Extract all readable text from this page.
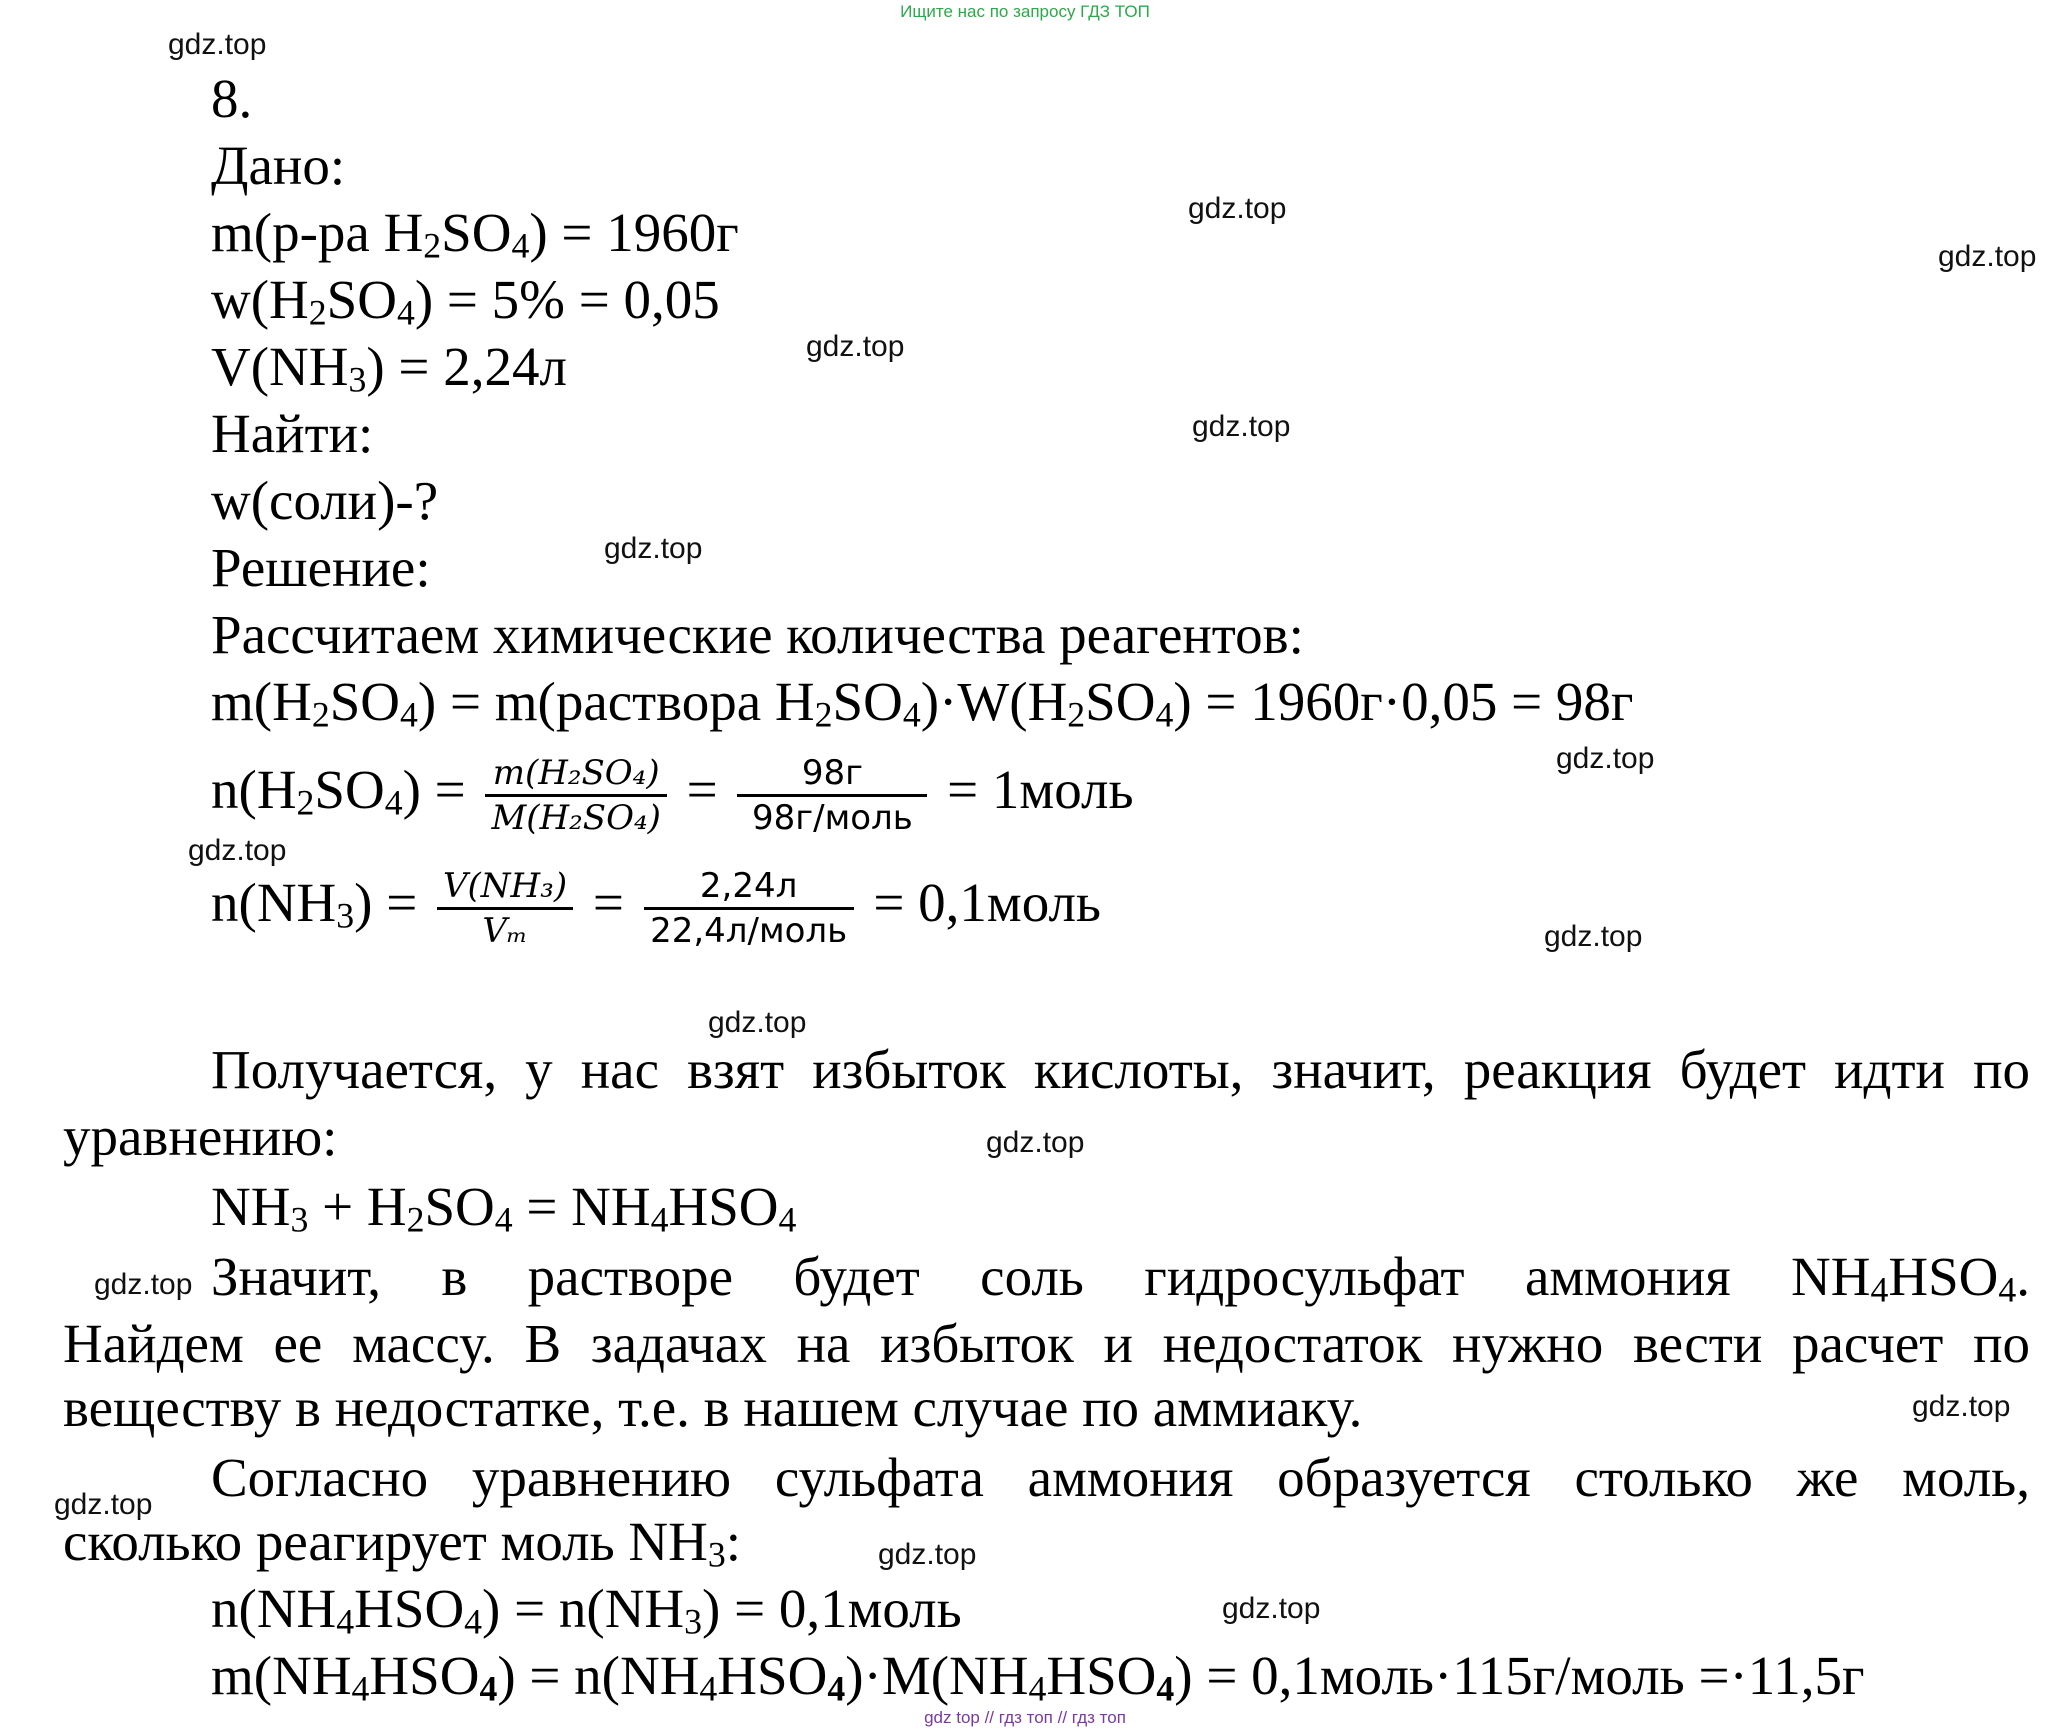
Ищите нас по запросу ГДЗ ТОП
gdz.top
gdz.top
gdz.top
gdz.top
gdz.top
gdz.top
gdz.top
gdz.top
gdz.top
gdz.top
gdz.top
gdz.top
gdz.top
gdz.top
gdz.top
gdz.top
8.
Дано:
m(р-ра $H_2SO_4) = 1960г$
$w(H_2SO_4) = 5\% = 0,05$
$V(NH_3) = 2,24л$
Найти:
w(соли)-?
Решение:
Рассчитаем химические количества реагентов:
$m(H_2SO_4)$ = m(раствора $H_2SO_4)\cdot W(H_2SO_4) = 1960г\cdot 0,05 = 98г$
$n(H_2SO_4) = \frac{\text{m(H₂SO₄)}}{\text{M(H₂SO₄)}} = \frac{98г}{\text{98г/моль}}$ = 1моль
$n(NH_3) = \frac{\text{V(NH₃)}}{\text{Vₘ}} = \frac{2,24л}{\text{22,4л/моль}}$ = 0,1моль
Получается, у нас взят избыток кислоты, значит, реакция будет идти по
уравнению:
$NH_3 + H_2SO_4 = NH_4HSO_4$
Значит, в растворе будет соль гидросульфат аммония $NH_4HSO_4$.
Найдем ее массу. В задачах на избыток и недостаток нужно вести расчет по
веществу в недостатке, т.е. в нашем случае по аммиаку.
Согласно уравнению сульфата аммония образуется столько же моль,
сколько реагирует моль $NH_3$:
$n(NH_4HSO_4) = n(NH_3)$ = 0,1моль
$m(NH_4HSO_4) = n(NH_4HSO_4)\cdot M(NH_4HSO_4)$ = 0,1моль·115г/моль =·11,5г
gdz top // гдз топ // гдз топ
